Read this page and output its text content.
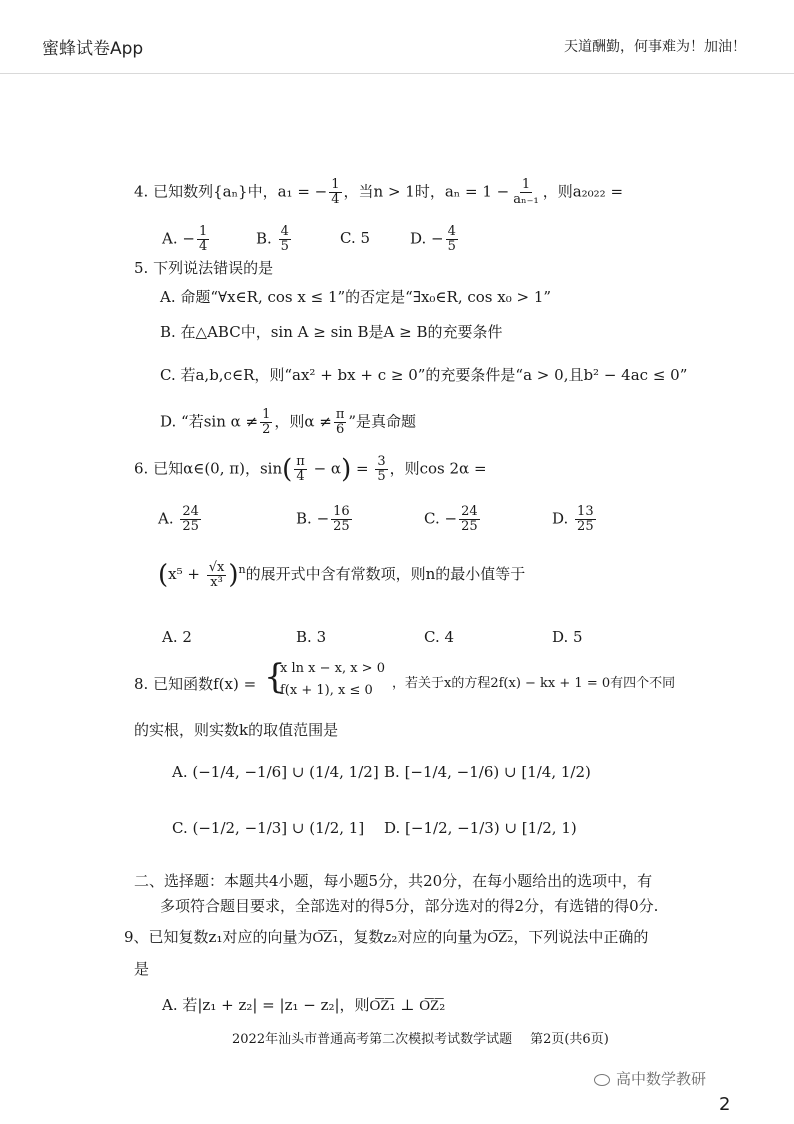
蜜蜂试卷App	天道酬勤，何事难为！加油！
4. 已知数列{aₙ}中，a₁ = − $\frac{1}{4}$ ，当n > 1时，$a_n = 1 - \frac{1}{\text{aₙ₋₁}}$ ，则a₂₀₂₂ =
A. − $\frac{1}{4}$	B. $\frac{4}{5}$	C. 5	D. − $\frac{4}{5}$
5. 下列说法错误的是
A. 命题“∀x∈R, cos x ≤ 1”的否定是“∃x₀∈R, cos x₀ > 1”
B. 在△ABC中，sin A ≥ sin B是A ≥ B的充要条件
C. 若a,b,c∈R，则“ax² + bx + c ≥ 0”的充要条件是“a > 0,且b² − 4ac ≤ 0”
D. “若$\sin \alpha \ne \frac{1}{2}$ ，则$\alpha \ne \frac{\pi}{6}$ ”是真命题
6. 已知α∈(0, π)，$\sin( \frac{\pi}{4} - \alpha) = \frac{3}{5}$ ，则cos 2α =
A. $\frac{24}{25}$	B. − $\frac{16}{25}$	C. − $\frac{24}{25}$	D. $\frac{13}{25}$
$(x^5 + \frac{√x}{\text{x³}} )^n$的展开式中含有常数项，则n的最小值等于
A. 2	B. 3	C. 4	D. 5
8. 已知函数f(x) = {
x ln x − x, x > 0
f(x + 1), x ≤ 0 ，若关于x的方程2f(x) − kx + 1 = 0有四个不同
的实根，则实数k的取值范围是
A. (−1/4, −1/6] ∪ (1/4, 1/2] B. [−1/4, −1/6) ∪ [1/4, 1/2)
C. (−1/2, −1/3] ∪ (1/2, 1] D. [−1/2, −1/3) ∪ [1/2, 1)
二、选择题：本题共4小题，每小题5分，共20分，在每小题给出的选项中，有
多项符合题目要求，全部选对的得5分，部分选对的得2分，有选错的得0分.
9、已知复数z₁对应的向量为O͞Z͞₁，复数z₂对应的向量为O͞Z͞₂，下列说法中正确的
是
A. 若|z₁ + z₂| = |z₁ − z₂|，则O͞Z͞₁ ⊥ O͞Z͞₂
2022年汕头市普通高考第二次模拟考试数学试题 第2页(共6页)
高中数学教研
2
